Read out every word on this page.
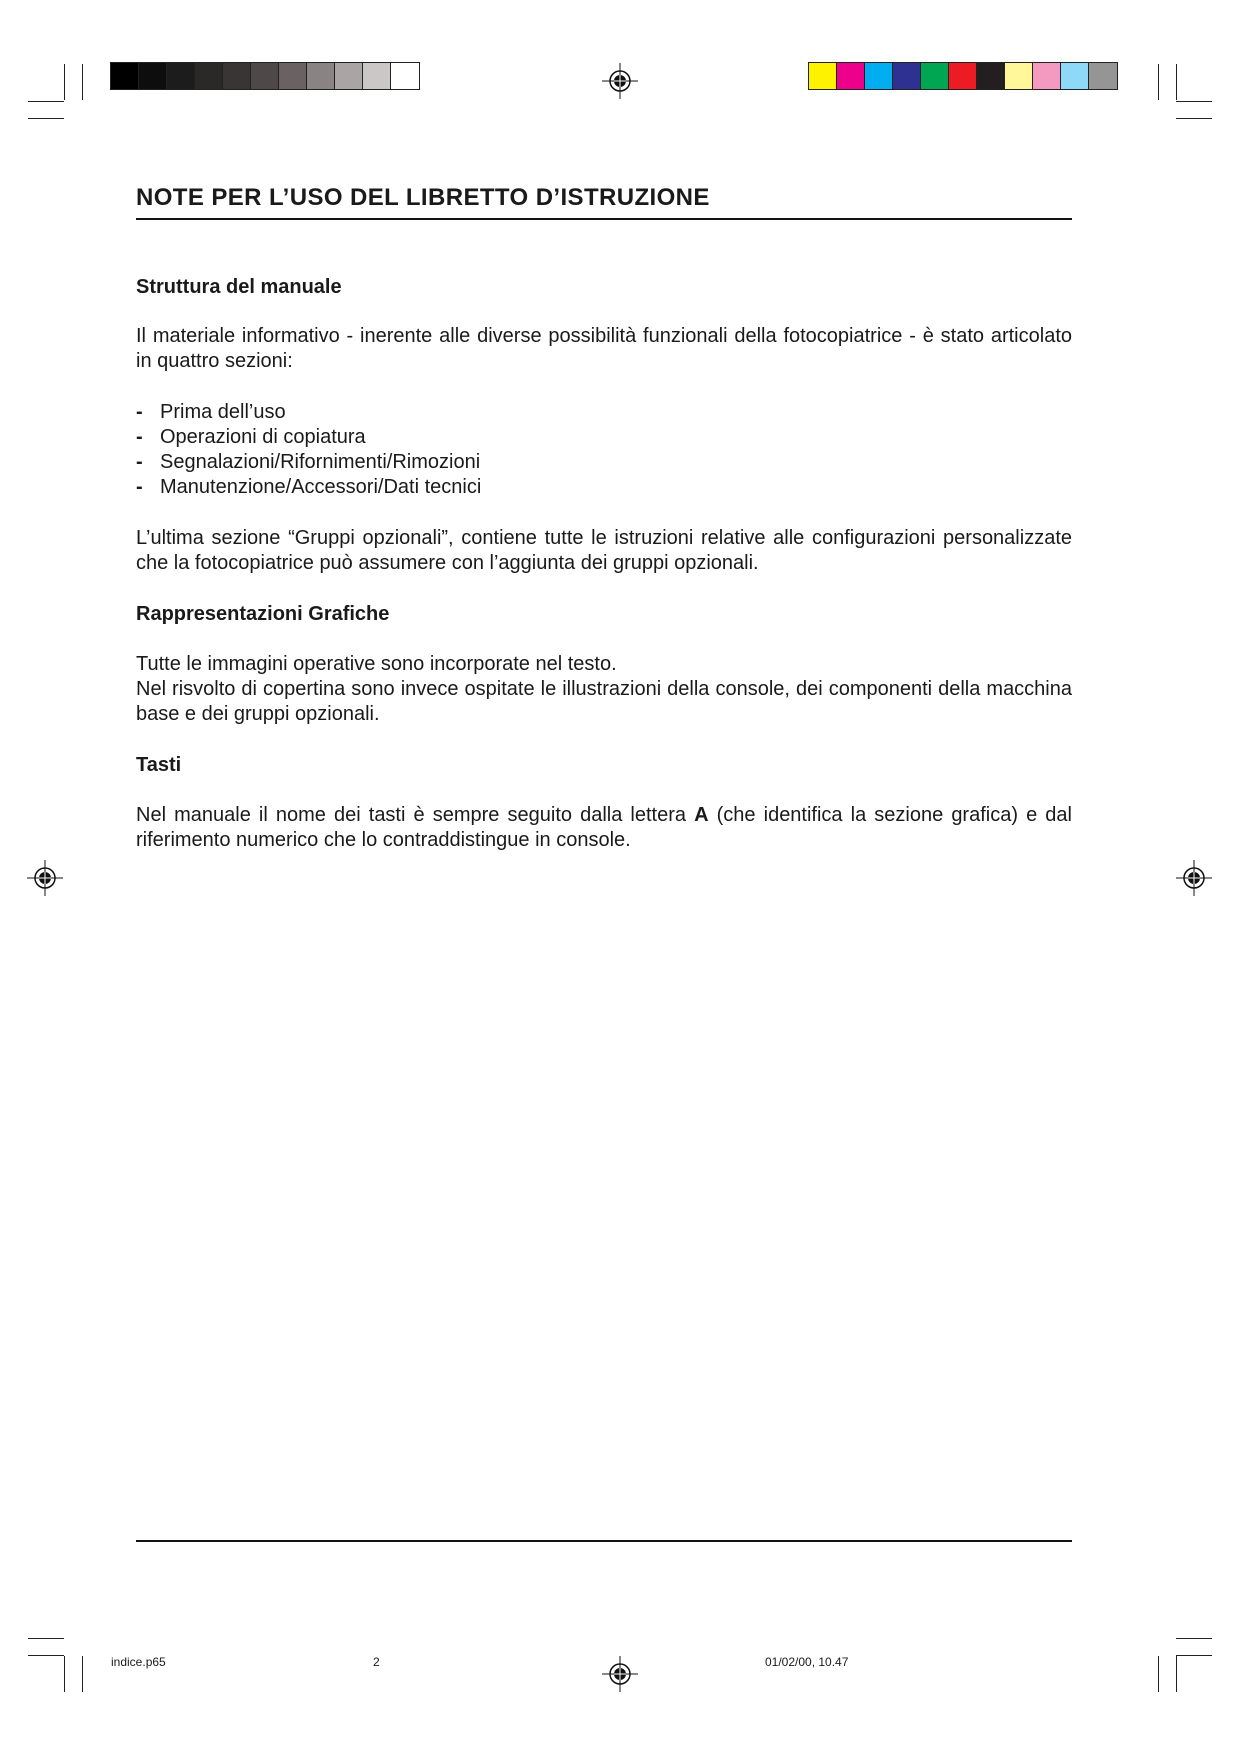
NOTE PER L’USO DEL LIBRETTO D’ISTRUZIONE
Struttura del manuale
Il materiale informativo - inerente alle diverse possibilità funzionali della fotocopiatrice - è stato articolato in quattro sezioni:
- Prima dell’uso
- Operazioni di copiatura
- Segnalazioni/Rifornimenti/Rimozioni
- Manutenzione/Accessori/Dati tecnici
L’ultima sezione “Gruppi opzionali”, contiene tutte le istruzioni relative alle configurazioni personalizzate che la fotocopiatrice può assumere con l’aggiunta dei gruppi opzionali.
Rappresentazioni Grafiche
Tutte le immagini operative sono incorporate nel testo.
Nel risvolto di copertina sono invece ospitate le illustrazioni della console, dei componenti della macchina base e dei gruppi opzionali.
Tasti
Nel manuale il nome dei tasti è sempre seguito dalla lettera A (che identifica la sezione grafica) e dal riferimento numerico che lo contraddistingue in console.
indice.p65	2	01/02/00, 10.47
